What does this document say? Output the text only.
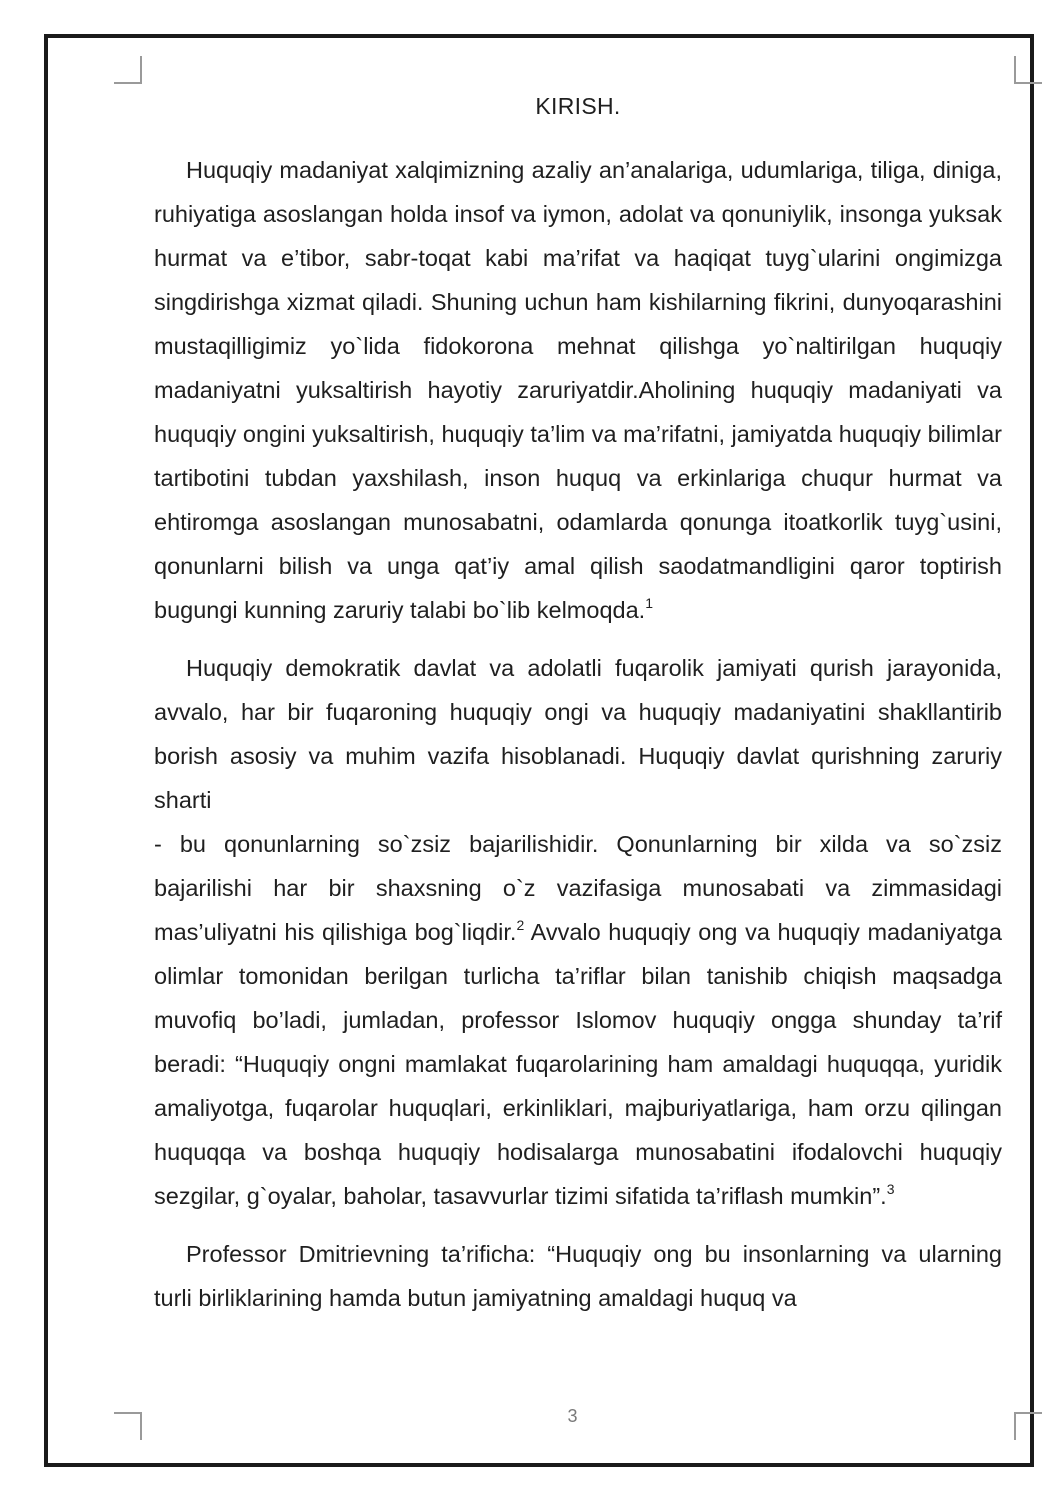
KIRISH.

Huquqiy madaniyat xalqimizning azaliy an’analariga, udumlariga, tiliga, diniga, ruhiyatiga asoslangan holda insof va iymon, adolat va qonuniylik, insonga yuksak hurmat va e’tibor, sabr-toqat kabi ma’rifat va haqiqat tuyg`ularini ongimizga singdirishga xizmat qiladi. Shuning uchun ham kishilarning fikrini, dunyoqarashini mustaqilligimiz yo`lida fidokorona mehnat qilishga yo`naltirilgan huquqiy madaniyatni yuksaltirish hayotiy zaruriyatdir.Aholining huquqiy madaniyati va huquqiy ongini yuksaltirish, huquqiy ta’lim va ma’rifatni, jamiyatda huquqiy bilimlar tartibotini tubdan yaxshilash, inson huquq va erkinlariga chuqur hurmat va ehtiromga asoslangan munosabatni, odamlarda qonunga itoatkorlik tuyg`usini, qonunlarni bilish va unga qat’iy amal qilish saodatmandligini qaror toptirish bugungi kunning zaruriy talabi bo`lib kelmoqda.$^1$

Huquqiy demokratik davlat va adolatli fuqarolik jamiyati qurish jarayonida, avvalo, har bir fuqaroning huquqiy ongi va huquqiy madaniyatini shakllantirib borish asosiy va muhim vazifa hisoblanadi. Huquqiy davlat qurishning zaruriy sharti

- bu qonunlarning so`zsiz bajarilishidir. Qonunlarning bir xilda va so`zsiz bajarilishi har bir shaxsning o`z vazifasiga munosabati va zimmasidagi mas’uliyatni his qilishiga bog`liqdir.$^2$ Avvalo huquqiy ong va huquqiy madaniyatga olimlar tomonidan berilgan turlicha ta’riflar bilan tanishib chiqish maqsadga muvofiq bo’ladi, jumladan, professor Islomov huquqiy ongga shunday ta’rif beradi: “Huquqiy ongni mamlakat fuqarolarining ham amaldagi huquqqa, yuridik amaliyotga, fuqarolar huquqlari, erkinliklari, majburiyatlariga, ham orzu qilingan huquqqa va boshqa huquqiy hodisalarga munosabatini ifodalovchi huquqiy sezgilar, g`oyalar, baholar, tasavvurlar tizimi sifatida ta’riflash mumkin”.$^3$

Professor Dmitrievning ta’rificha: “Huquqiy ong bu insonlarning va ularning turli birliklarining hamda butun jamiyatning amaldagi huquq va

3
